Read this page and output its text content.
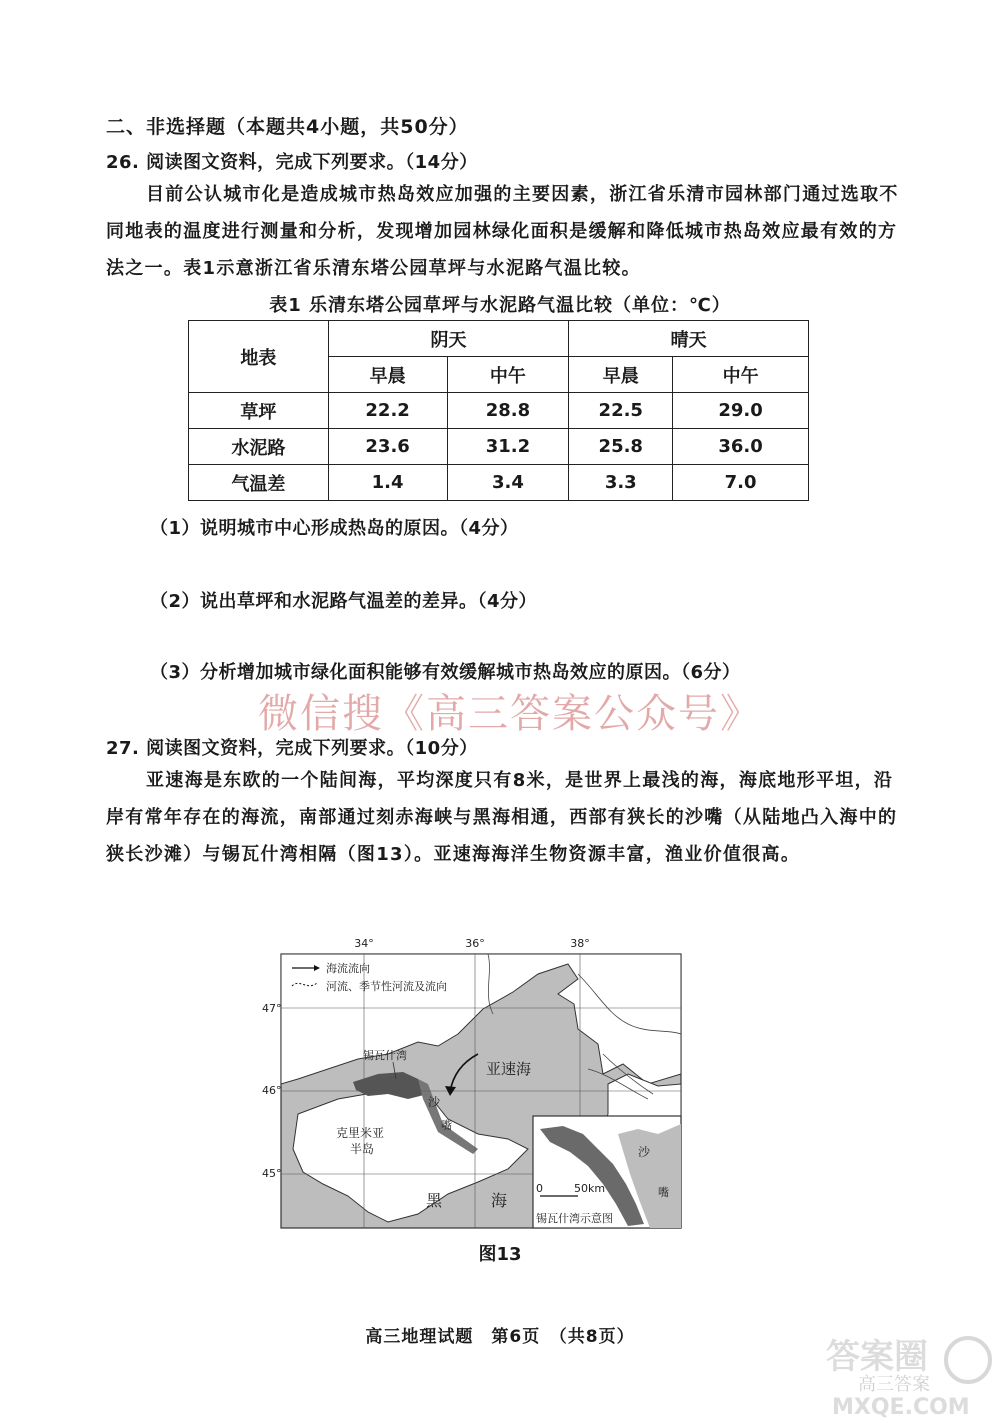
二、非选择题（本题共4小题，共50分）
26. 阅读图文资料，完成下列要求。（14分）
目前公认城市化是造成城市热岛效应加强的主要因素，浙江省乐清市园林部门通过选取不同地表的温度进行测量和分析，发现增加园林绿化面积是缓解和降低城市热岛效应最有效的方法之一。表1示意浙江省乐清东塔公园草坪与水泥路气温比较。
表1 乐清东塔公园草坪与水泥路气温比较（单位：℃）
地表	阴天		晴天	
	早晨	中午	早晨	中午
草坪	22.2	28.8	22.5	29.0
水泥路	23.6	31.2	25.8	36.0
气温差	1.4	3.4	3.3	7.0
（1）说明城市中心形成热岛的原因。（4分）
（2）说出草坪和水泥路气温差的差异。（4分）
（3）分析增加城市绿化面积能够有效缓解城市热岛效应的原因。（6分）
微信搜《高三答案公众号》
27. 阅读图文资料，完成下列要求。（10分）
亚速海是东欧的一个陆间海，平均深度只有8米，是世界上最浅的海，海底地形平坦，沿岸有常年存在的海流，南部通过刻赤海峡与黑海相通，西部有狭长的沙嘴（从陆地凸入海中的狭长沙滩）与锡瓦什湾相隔（图13）。亚速海海洋生物资源丰富，渔业价值很高。
34°	36°	38°
47°
46°
45°
海流流向
河流、季节性河流及流向
锡瓦什湾
亚速海
克里米亚
半岛
黑	海
沙
嘴
沙
嘴
0	50km
锡瓦什湾示意图
图13
高三地理试题　第6页　（共8页）	答案圈
高三答案
MXQE.COM
